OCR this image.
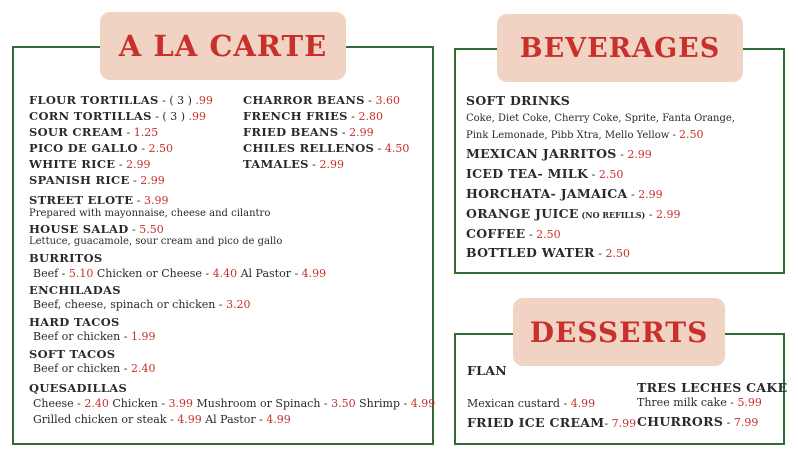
A LA CARTE
FLOUR TORTILLAS - ( 3 ) .99
CORN TORTILLAS - ( 3 ) .99
SOUR CREAM - 1.25
PICO DE GALLO - 2.50
WHITE RICE - 2.99
SPANISH RICE - 2.99
CHARROR BEANS - 3.60
FRENCH FRIES - 2.80
FRIED BEANS - 2.99
CHILES RELLENOS - 4.50
TAMALES - 2.99
STREET ELOTE - 3.99
Prepared with mayonnaise, cheese and cilantro
HOUSE SALAD - 5.50
Lettuce, guacamole, sour cream and pico de gallo
BURRITOS
Beef - 5.10 Chicken or Cheese - 4.40 Al Pastor - 4.99
ENCHILADAS
Beef, cheese, spinach or chicken - 3.20
HARD TACOS
Beef or chicken - 1.99
SOFT TACOS
Beef or chicken - 2.40
QUESADILLAS
Cheese - 2.40 Chicken - 3.99 Mushroom or Spinach - 3.50 Shrimp - 4.99
Grilled chicken or steak - 4.99 Al Pastor - 4.99
BEVERAGES
SOFT DRINKS
Coke, Diet Coke, Cherry Coke, Sprite, Fanta Orange,
Pink Lemonade, Pibb Xtra, Mello Yellow - 2.50
MEXICAN JARRITOS - 2.99
ICED TEA- MILK - 2.50
HORCHATA- JAMAICA - 2.99
ORANGE JUICE (NO REFILLS) - 2.99
COFFEE - 2.50
BOTTLED WATER - 2.50
DESSERTS
FLAN
Mexican custard - 4.99
FRIED ICE CREAM- 7.99
TRES LECHES CAKE
Three milk cake - 5.99
CHURRORS - 7.99
